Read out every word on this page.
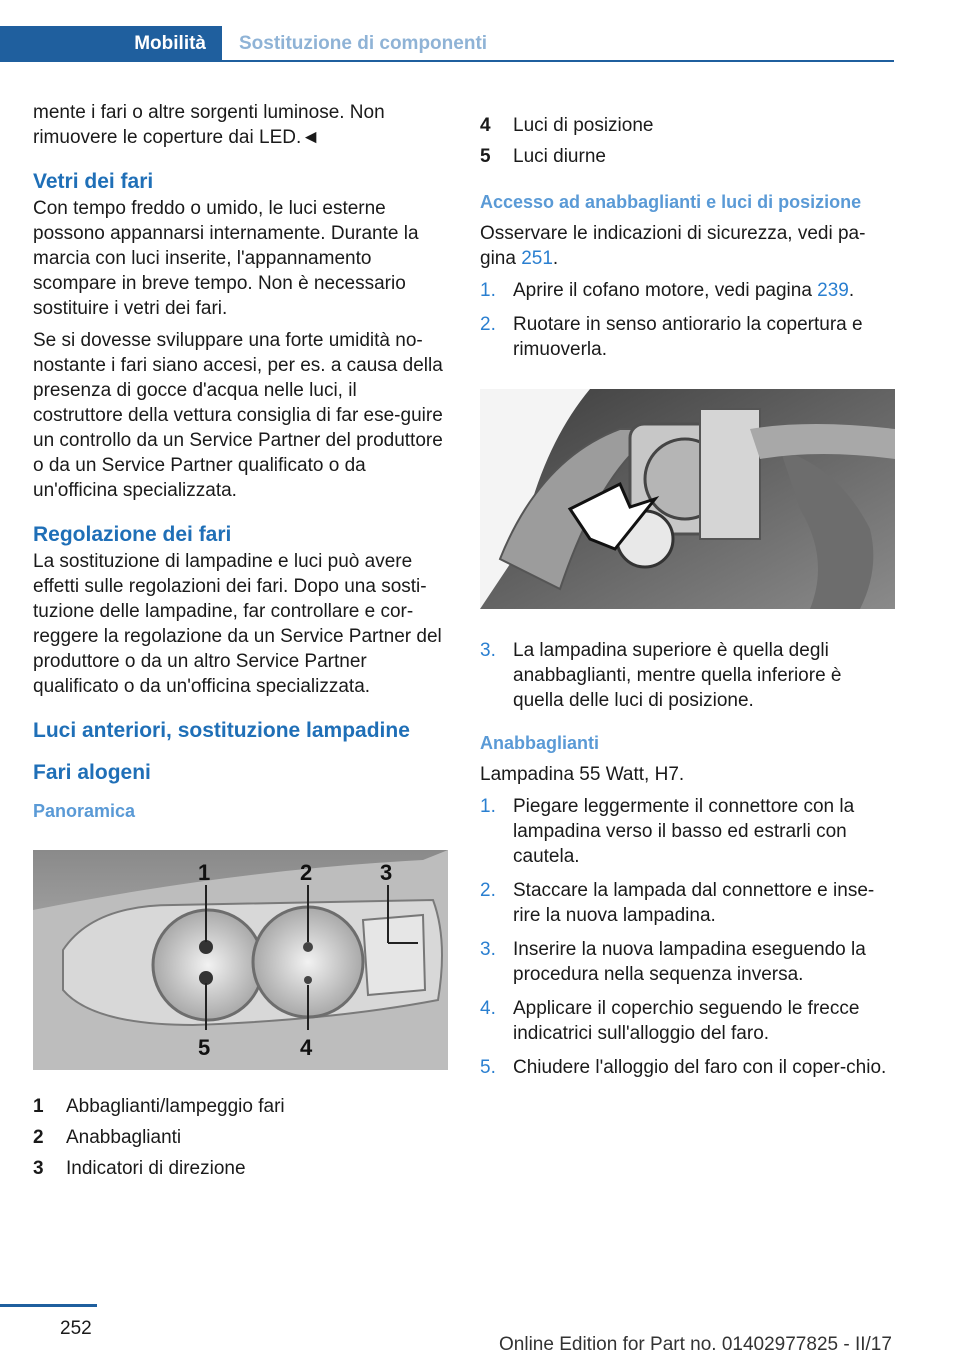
Mobilità	Sostituzione di componenti

mente i fari o altre sorgenti luminose. Non rimuovere le coperture dai LED.◄

Vetri dei fari

Con tempo freddo o umido, le luci esterne possono appannarsi internamente. Durante la marcia con luci inserite, l'appannamento scompare in breve tempo. Non è necessario sostituire i vetri dei fari.

Se si dovesse sviluppare una forte umidità no-nostante i fari siano accesi, per es. a causa della presenza di gocce d'acqua nelle luci, il costruttore della vettura consiglia di far ese-guire un controllo da un Service Partner del produttore o da un Service Partner qualificato o da un'officina specializzata.

Regolazione dei fari

La sostituzione di lampadine e luci può avere effetti sulle regolazioni dei fari. Dopo una sosti-tuzione delle lampadine, far controllare e cor-reggere la regolazione da un Service Partner del produttore o da un altro Service Partner qualificato o da un'officina specializzata.

Luci anteriori, sostituzione lampadine
Fari alogeni
Panoramica
1	2	3
4
5
1	Abbaglianti/lampeggio fari
2	Anabbaglianti
3	Indicatori di direzione
4	Luci di posizione
5	Luci diurne
Accesso ad anabbaglianti e luci di posizione

Osservare le indicazioni di sicurezza, vedi pa-gina 251.

1. Aprire il cofano motore, vedi pagina 239.
2. Ruotare in senso antiorario la copertura e rimuoverla.
3. La lampadina superiore è quella degli anabbaglianti, mentre quella inferiore è quella delle luci di posizione.
Anabbaglianti

Lampadina 55 Watt, H7.

1. Piegare leggermente il connettore con la lampadina verso il basso ed estrarli con cautela.
2. Staccare la lampada dal connettore e inse-rire la nuova lampadina.
3. Inserire la nuova lampadina eseguendo la procedura nella sequenza inversa.
4. Applicare il coperchio seguendo le frecce indicatrici sull'alloggio del faro.
5. Chiudere l'alloggio del faro con il coper-chio.
252
Online Edition for Part no. 01402977825 - II/17
